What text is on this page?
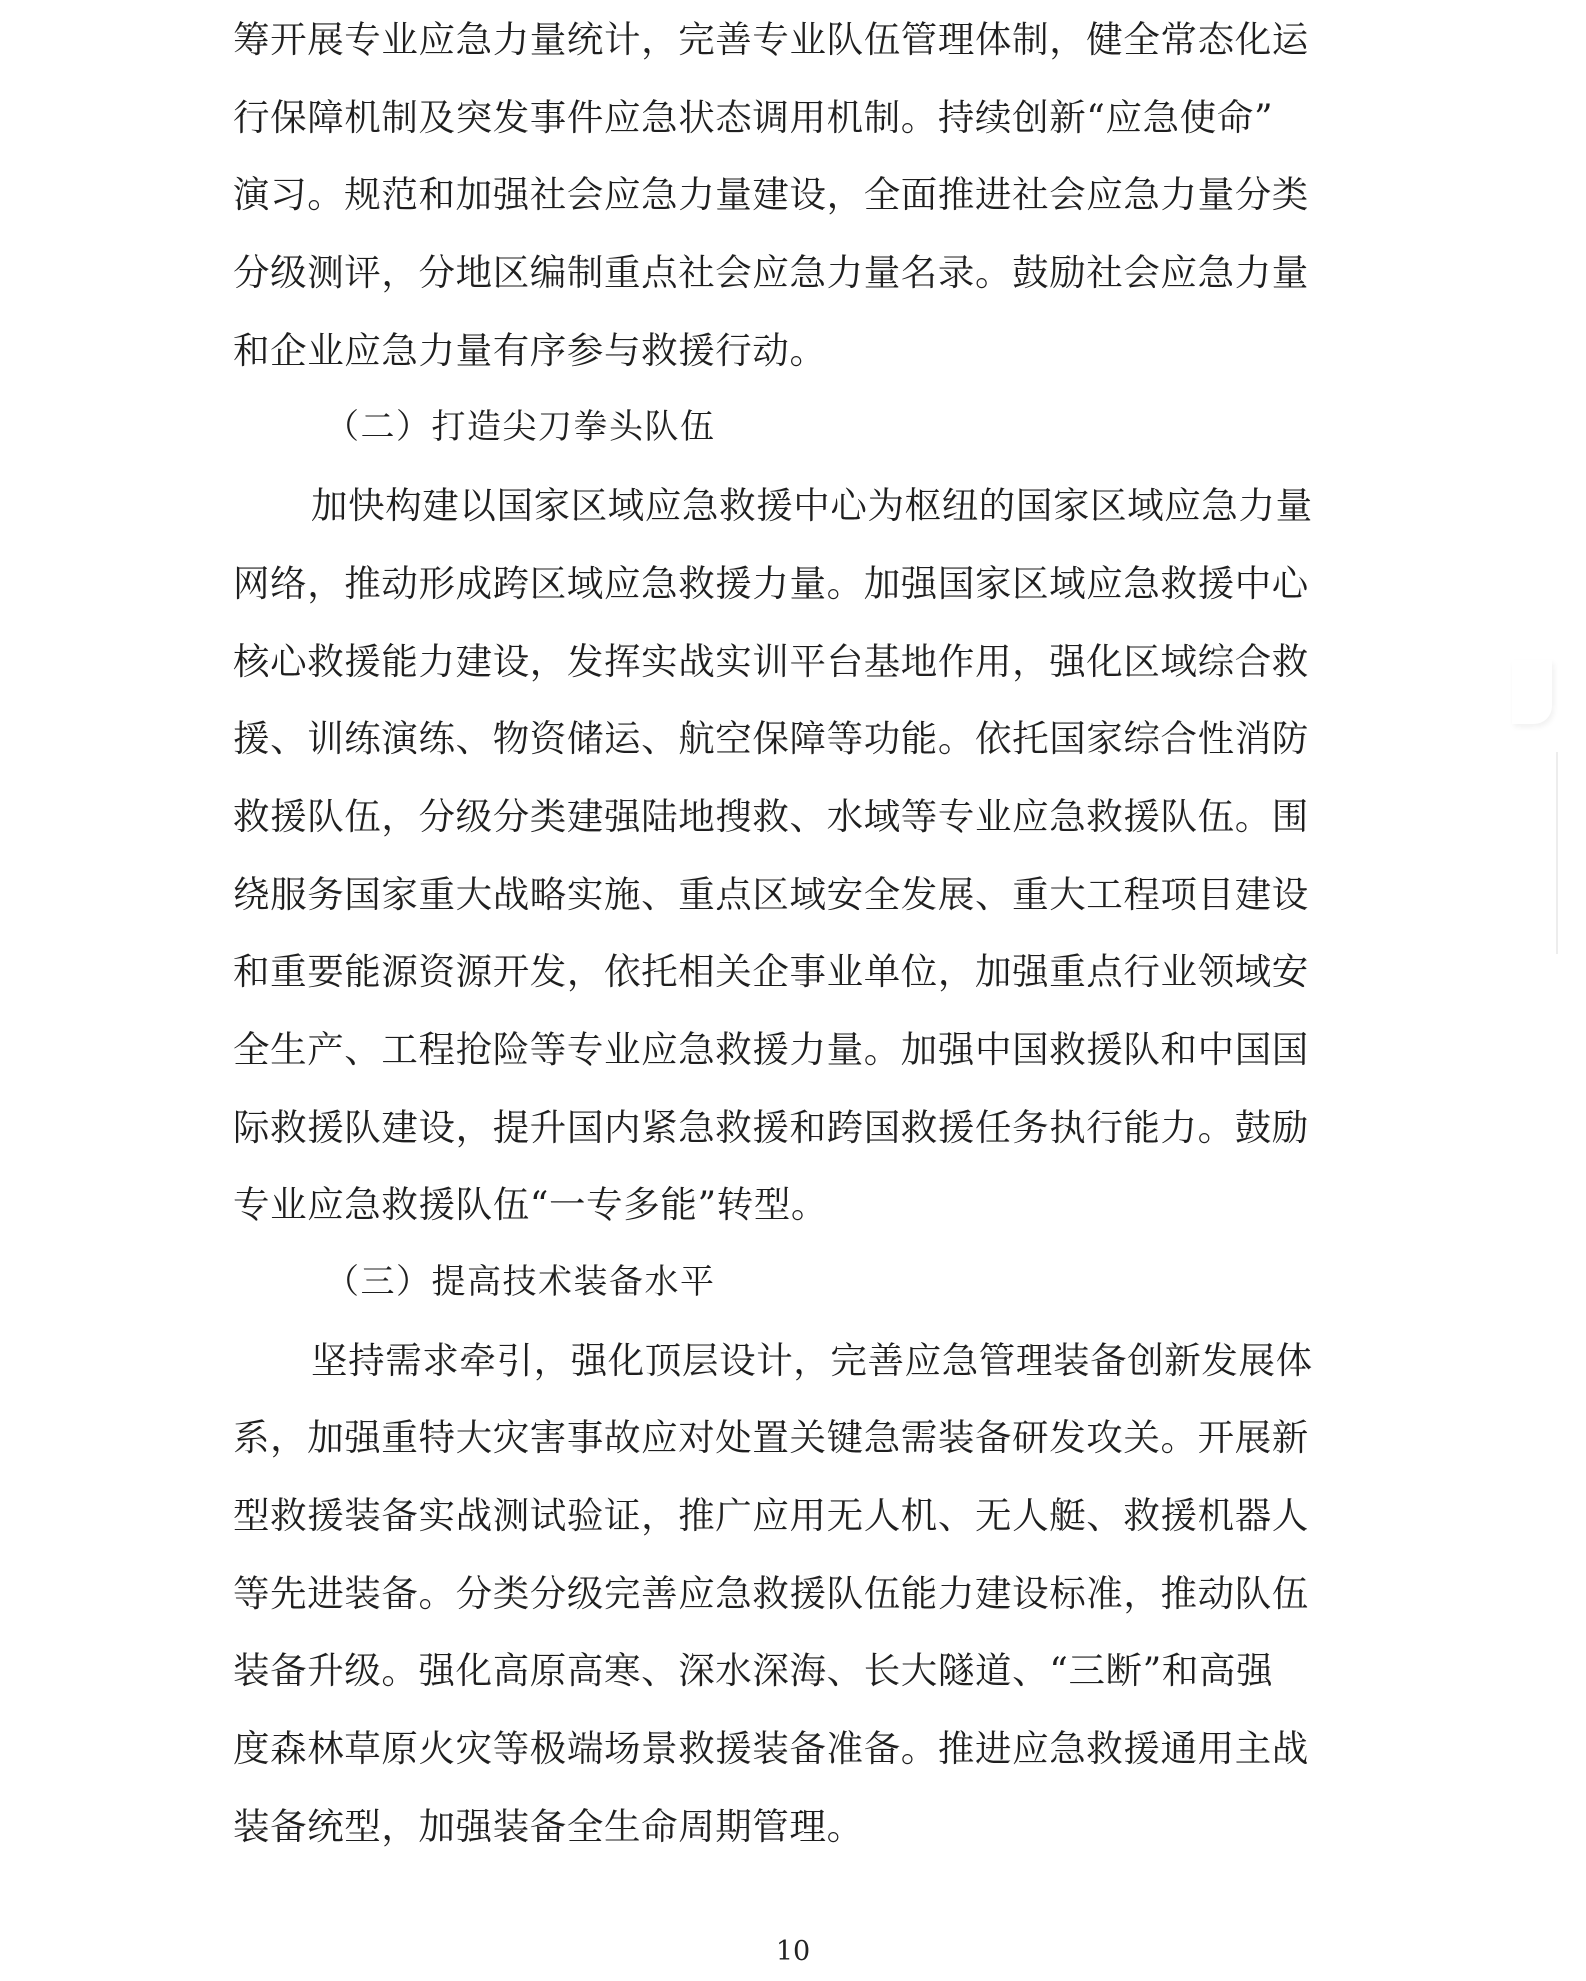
筹开展专业应急力量统计，完善专业队伍管理体制，健全常态化运
行保障机制及突发事件应急状态调用机制。持续创新“应急使命”
演习。规范和加强社会应急力量建设，全面推进社会应急力量分类
分级测评，分地区编制重点社会应急力量名录。鼓励社会应急力量
和企业应急力量有序参与救援行动。
（二）打造尖刀拳头队伍
加快构建以国家区域应急救援中心为枢纽的国家区域应急力量
网络，推动形成跨区域应急救援力量。加强国家区域应急救援中心
核心救援能力建设，发挥实战实训平台基地作用，强化区域综合救
援、训练演练、物资储运、航空保障等功能。依托国家综合性消防
救援队伍，分级分类建强陆地搜救、水域等专业应急救援队伍。围
绕服务国家重大战略实施、重点区域安全发展、重大工程项目建设
和重要能源资源开发，依托相关企事业单位，加强重点行业领域安
全生产、工程抢险等专业应急救援力量。加强中国救援队和中国国
际救援队建设，提升国内紧急救援和跨国救援任务执行能力。鼓励
专业应急救援队伍“一专多能”转型。
（三）提高技术装备水平
坚持需求牵引，强化顶层设计，完善应急管理装备创新发展体
系，加强重特大灾害事故应对处置关键急需装备研发攻关。开展新
型救援装备实战测试验证，推广应用无人机、无人艇、救援机器人
等先进装备。分类分级完善应急救援队伍能力建设标准，推动队伍
装备升级。强化高原高寒、深水深海、长大隧道、“三断”和高强
度森林草原火灾等极端场景救援装备准备。推进应急救援通用主战
装备统型，加强装备全生命周期管理。
10
